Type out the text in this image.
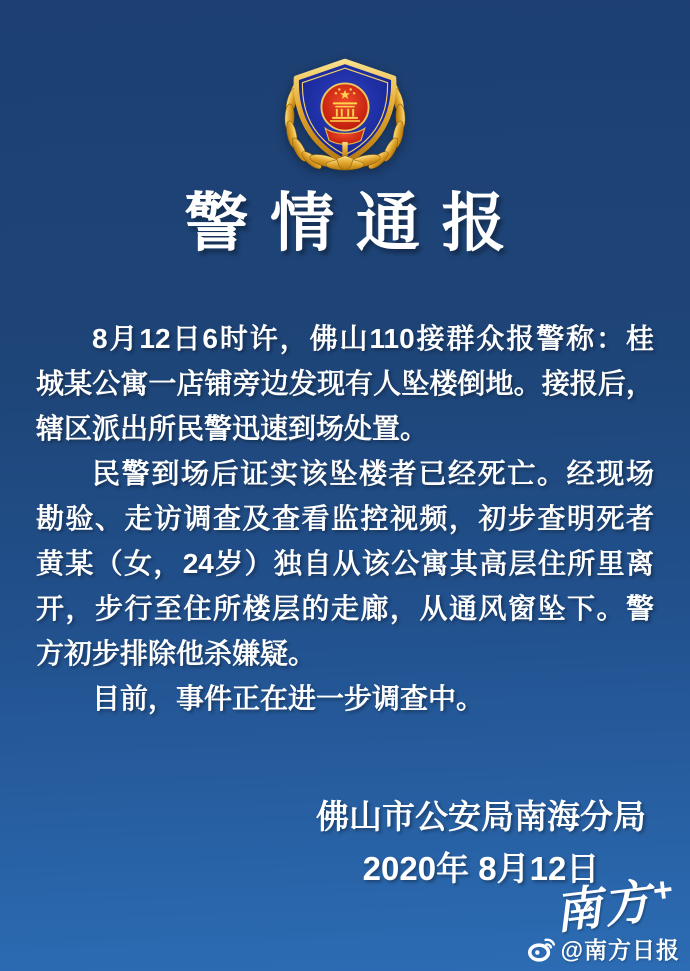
警情通报
8月12日6时许，佛山110接群众报警称：桂
城某公寓一店铺旁边发现有人坠楼倒地。接报后，
辖区派出所民警迅速到场处置。
民警到场后证实该坠楼者已经死亡。经现场
勘验、走访调查及查看监控视频，初步查明死者
黄某（女，24岁）独自从该公寓其高层住所里离
开，步行至住所楼层的走廊，从通风窗坠下。警
方初步排除他杀嫌疑。
目前，事件正在进一步调查中。
佛山市公安局南海分局
2020年 8月12日
南方
+
@南方日报
